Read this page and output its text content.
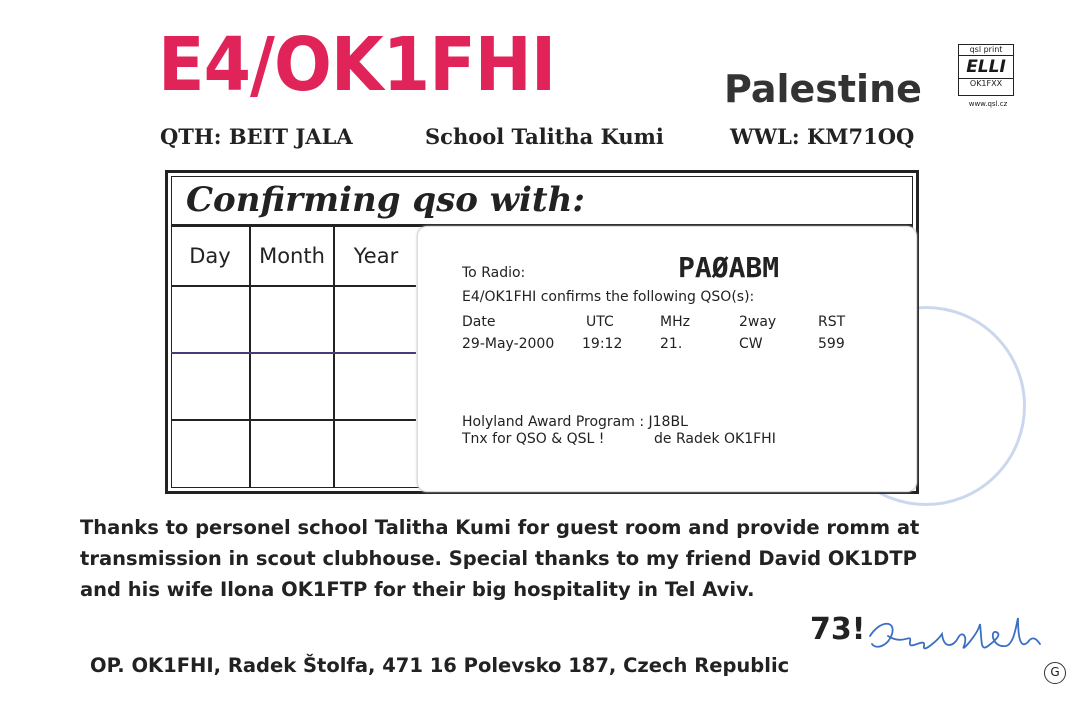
E4/OK1FHI	Palestine
qsl print
ELLI
OK1FXX
www.qsl.cz
QTH: BEIT JALA	School Talitha Kumi	WWL: KM71OQ
Confirming qso with:
Day	Month	Year
To Radio:	PAØABM
E4/OK1FHI confirms the following QSO(s):
Date	UTC	MHz	2way	RST
29-May-2000 19:12	21.	CW	599
Holyland Award Program : J18BL
Tnx for QSO & QSL !	de Radek OK1FHI
Thanks to personel school Talitha Kumi for guest room and provide romm at
transmission in scout clubhouse. Special thanks to my friend David OK1DTP
and his wife Ilona OK1FTP for their big hospitality in Tel Aviv.
73!
OP. OK1FHI, Radek Štolfa, 471 16 Polevsko 187, Czech Republic	G
